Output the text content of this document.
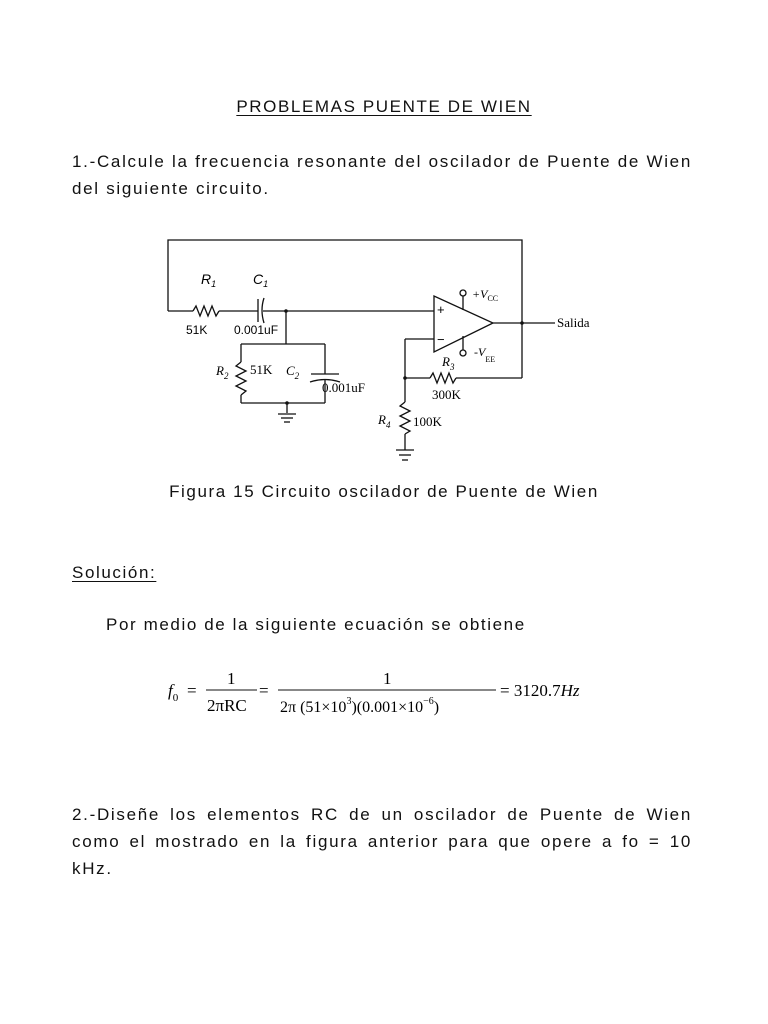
PROBLEMAS PUENTE DE WIEN
1.-Calcule la frecuencia resonante del oscilador de Puente de Wien del siguiente circuito.
$R_1$	$C_1$
51K 0.001uF
$R_2$ 51K $C_2$
0.001uF
+
−
$+V_{CC}$
$-V_{EE}$
Salida
$R_3$
300K
$R_4$ 100K
Figura 15 Circuito oscilador de Puente de Wien
Solución:
Por medio de la siguiente ecuación se obtiene
$f_0$ =
1
2πRC
=
1
2π $(51\times 10^3)(0.001\times 10^{-6})$
= 3120.7Hz
2.-Diseñe los elementos RC de un oscilador de Puente de Wien como el mostrado en la figura anterior para que opere a fo = 10 kHz.
